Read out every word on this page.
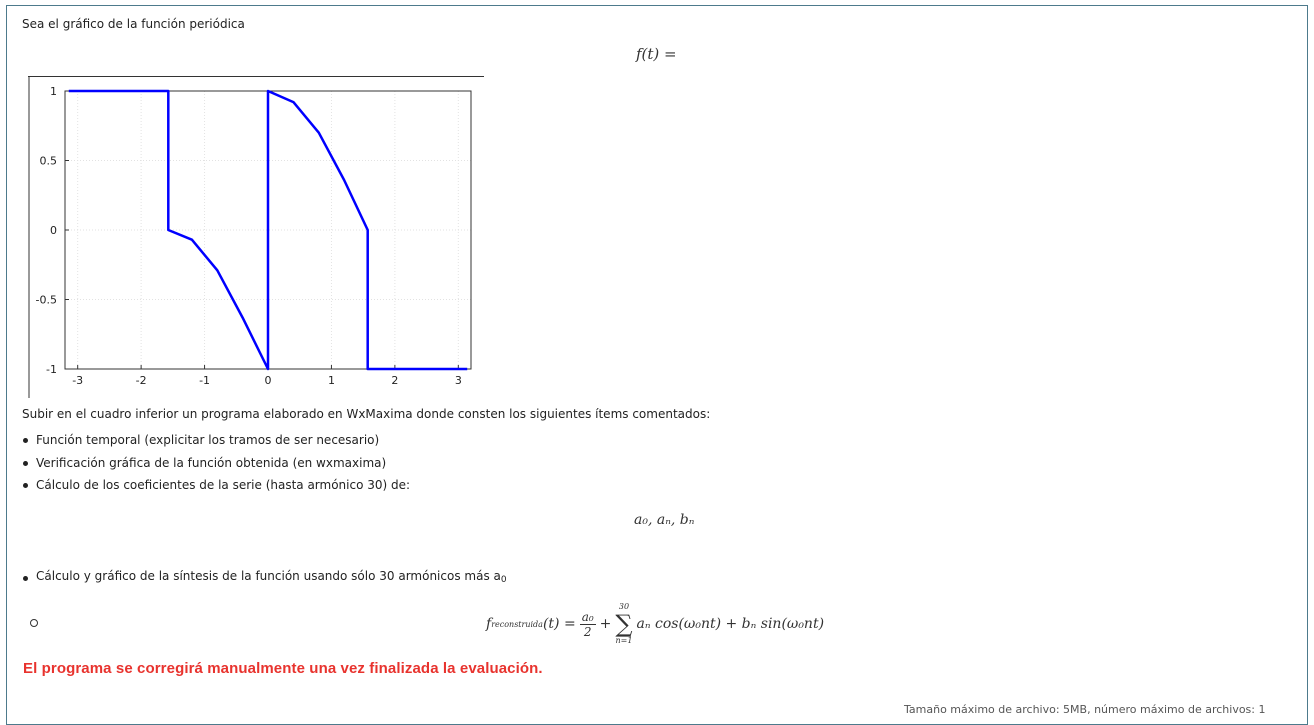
Sea el gráfico de la función periódica
f(t) =
-3	-2	-1	0	1	2	3
-1
-0.5
0
0.5
1
Subir en el cuadro inferior un programa elaborado en WxMaxima donde consten los siguientes ítems comentados:
Función temporal (explicitar los tramos de ser necesario)
Verificación gráfica de la función obtenida (en wxmaxima)
Cálculo de los coeficientes de la serie (hasta armónico 30) de:
a₀, aₙ, bₙ
Cálculo y gráfico de la síntesis de la función usando sólo 30 armónicos más a0
f reconstruida $(t) = \frac{\text{a₀}}{2}$ +
30
∑
n=1
aₙ cos(ω₀nt) + bₙ sin(ω₀nt)
El programa se corregirá manualmente una vez finalizada la evaluación.
Tamaño máximo de archivo: 5MB, número máximo de archivos: 1
